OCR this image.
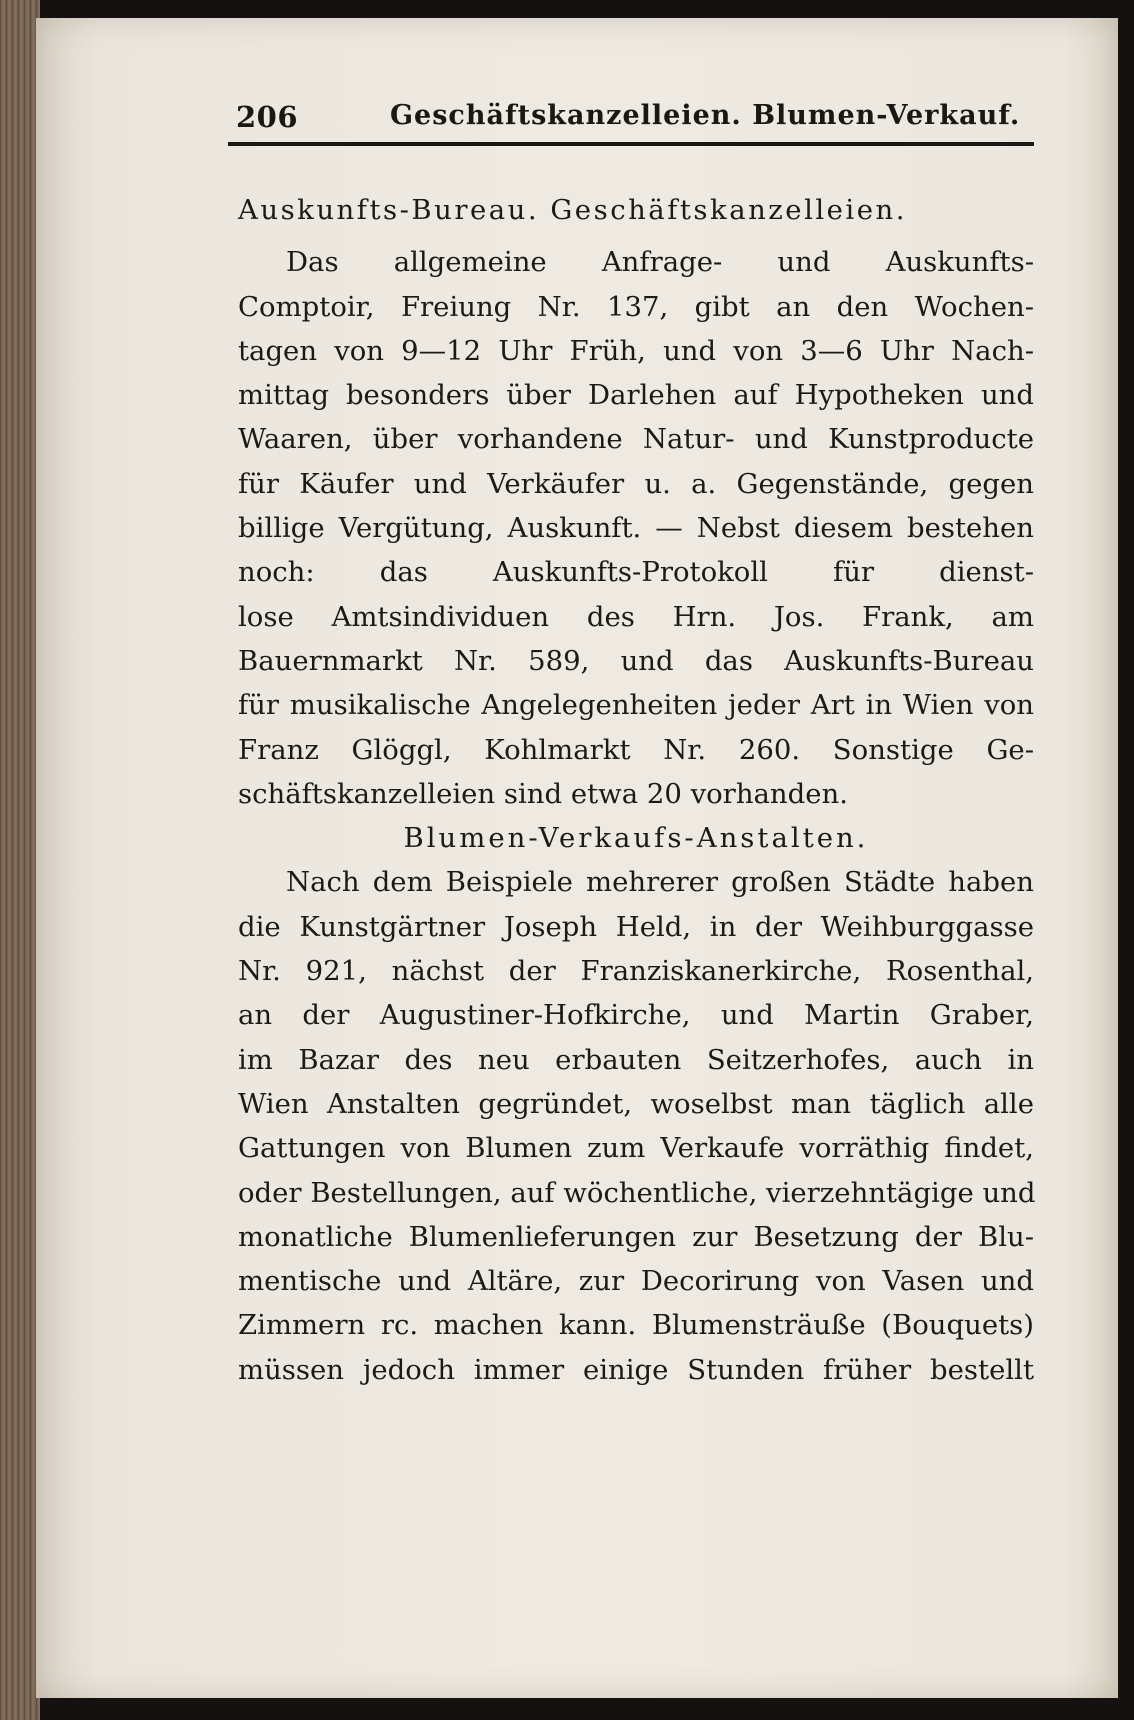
206	Geschäftskanzelleien. Blumen-Verkauf.
Auskunfts-Bureau. Geschäftskanzelleien.
Das allgemeine Anfrage- und Auskunfts-
Comptoir, Freiung Nr. 137, gibt an den Wochen-
tagen von 9—12 Uhr Früh, und von 3—6 Uhr Nach-
mittag besonders über Darlehen auf Hypotheken und
Waaren, über vorhandene Natur- und Kunstproducte
für Käufer und Verkäufer u. a. Gegenstände, gegen
billige Vergütung, Auskunft. — Nebst diesem bestehen
noch: das Auskunfts-Protokoll für dienst-
lose Amtsindividuen des Hrn. Jos. Frank, am
Bauernmarkt Nr. 589, und das Auskunfts-Bureau
für musikalische Angelegenheiten jeder Art in Wien von
Franz Glöggl, Kohlmarkt Nr. 260. Sonstige Ge-
schäftskanzelleien sind etwa 20 vorhanden.
Blumen-Verkaufs-Anstalten.
Nach dem Beispiele mehrerer großen Städte haben
die Kunstgärtner Joseph Held, in der Weihburggasse
Nr. 921, nächst der Franziskanerkirche, Rosenthal,
an der Augustiner-Hofkirche, und Martin Graber,
im Bazar des neu erbauten Seitzerhofes, auch in
Wien Anstalten gegründet, woselbst man täglich alle
Gattungen von Blumen zum Verkaufe vorräthig findet,
oder Bestellungen, auf wöchentliche, vierzehntägige und
monatliche Blumenlieferungen zur Besetzung der Blu-
mentische und Altäre, zur Decorirung von Vasen und
Zimmern rc. machen kann. Blumensträuße (Bouquets)
müssen jedoch immer einige Stunden früher bestellt
